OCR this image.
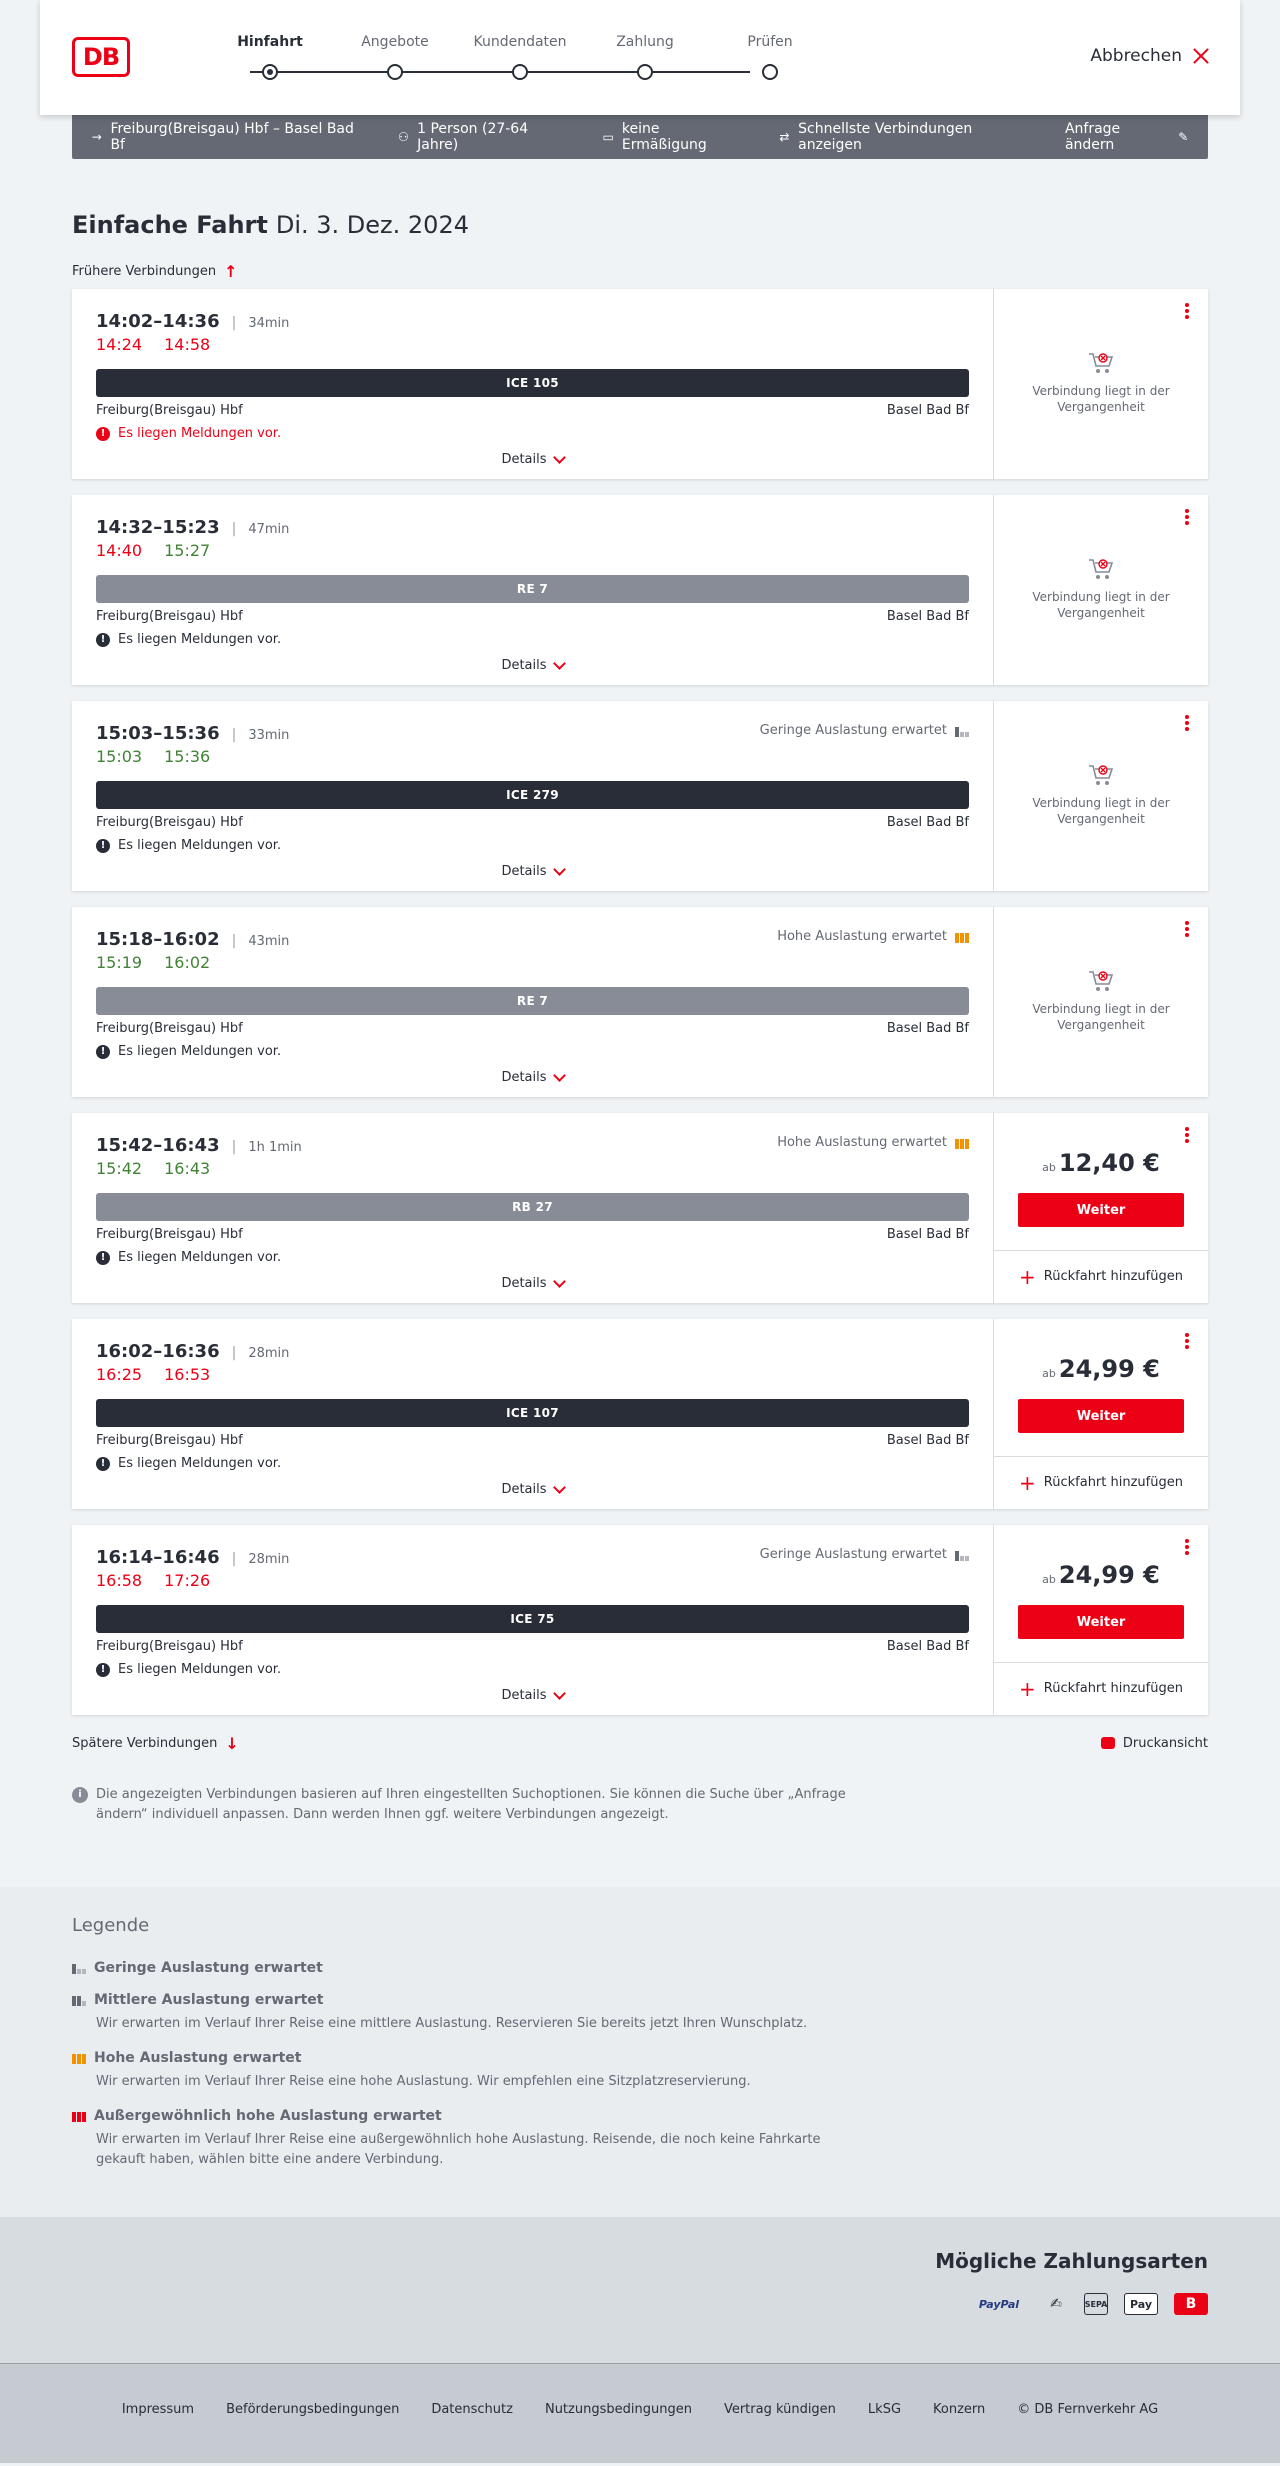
DB
Hinfahrt	Angebote	Kundendaten	Zahlung	Prüfen
Abbrechen
→ Freiburg(Breisgau) Hbf – Basel Bad Bf	⚇ 1 Person (27-64 Jahre)	▭ keine Ermäßigung	⇄ Schnellste Verbindungen anzeigen
Anfrage ändern	✎
Einfache Fahrt Di. 3. Dez. 2024
Frühere Verbindungen ↑
14:02 – 14:36 | 34min
14:24 14:58
ICE 105
Freiburg(Breisgau) Hbf	Basel Bad Bf
! Es liegen Meldungen vor.
Details
Verbindung liegt in der Vergangenheit
14:32 – 15:23 | 47min
14:40 15:27
RE 7
Freiburg(Breisgau) Hbf	Basel Bad Bf
! Es liegen Meldungen vor.
Details
Verbindung liegt in der Vergangenheit
15:03 – 15:36 | 33min	Geringe Auslastung erwartet
15:03 15:36
ICE 279
Freiburg(Breisgau) Hbf	Basel Bad Bf
! Es liegen Meldungen vor.
Details
Verbindung liegt in der Vergangenheit
15:18 – 16:02 | 43min	Hohe Auslastung erwartet
15:19 16:02
RE 7
Freiburg(Breisgau) Hbf	Basel Bad Bf
! Es liegen Meldungen vor.
Details
Verbindung liegt in der Vergangenheit
15:42 – 16:43 | 1h 1min	Hohe Auslastung erwartet
15:42 16:43
RB 27
Freiburg(Breisgau) Hbf	Basel Bad Bf
! Es liegen Meldungen vor.
Details
ab 12,40 €
Weiter
+ Rückfahrt hinzufügen
16:02 – 16:36 | 28min
16:25 16:53
ICE 107
Freiburg(Breisgau) Hbf	Basel Bad Bf
! Es liegen Meldungen vor.
Details
ab 24,99 €
Weiter
+ Rückfahrt hinzufügen
16:14 – 16:46 | 28min	Geringe Auslastung erwartet
16:58 17:26
ICE 75
Freiburg(Breisgau) Hbf	Basel Bad Bf
! Es liegen Meldungen vor.
Details
ab 24,99 €
Weiter
+ Rückfahrt hinzufügen
Spätere Verbindungen ↓	Druckansicht
i	Die angezeigten Verbindungen basieren auf Ihren eingestellten Suchoptionen. Sie können die Suche über „Anfrage ändern“ individuell anpassen. Dann werden Ihnen ggf. weitere Verbindungen angezeigt.
Legende
Geringe Auslastung erwartet
Mittlere Auslastung erwartet
Wir erwarten im Verlauf Ihrer Reise eine mittlere Auslastung. Reservieren Sie bereits jetzt Ihren Wunschplatz.
Hohe Auslastung erwartet
Wir erwarten im Verlauf Ihrer Reise eine hohe Auslastung. Wir empfehlen eine Sitzplatzreservierung.
Außergewöhnlich hohe Auslastung erwartet
Wir erwarten im Verlauf Ihrer Reise eine außergewöhnlich hohe Auslastung. Reisende, die noch keine Fahrkarte gekauft haben, wählen bitte eine andere Verbindung.
Mögliche Zahlungsarten
PayPal	✍	SEPA	Pay	B
Impressum Beförderungsbedingungen Datenschutz Nutzungsbedingungen Vertrag kündigen LkSG Konzern © DB Fernverkehr AG
